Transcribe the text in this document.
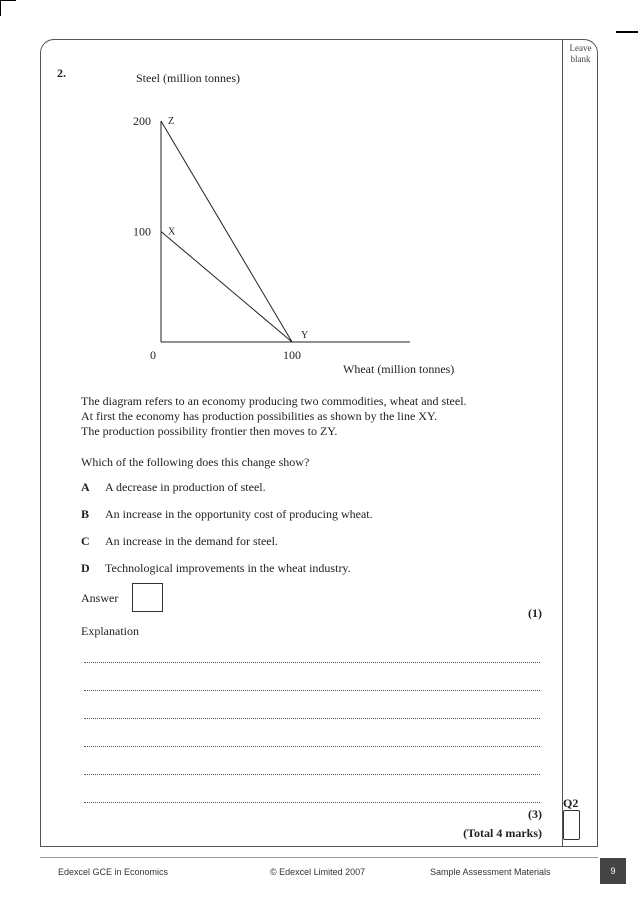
Leave blank
2.	Steel (million tonnes)
Wheat (million tonnes)
0
200
100
100
Z
X
Y
The diagram refers to an economy producing two commodities, wheat and steel.
At first the economy has production possibilities as shown by the line XY.
The production possibility frontier then moves to ZY.
Which of the following does this change show?
A A decrease in production of steel.
B An increase in the opportunity cost of producing wheat.
C An increase in the demand for steel.
D Technological improvements in the wheat industry.
Answer
(1)
Explanation
(3)
(Total 4 marks)
Q2
Edexcel GCE in Economics	© Edexcel Limited 2007	Sample Assessment Materials	9
